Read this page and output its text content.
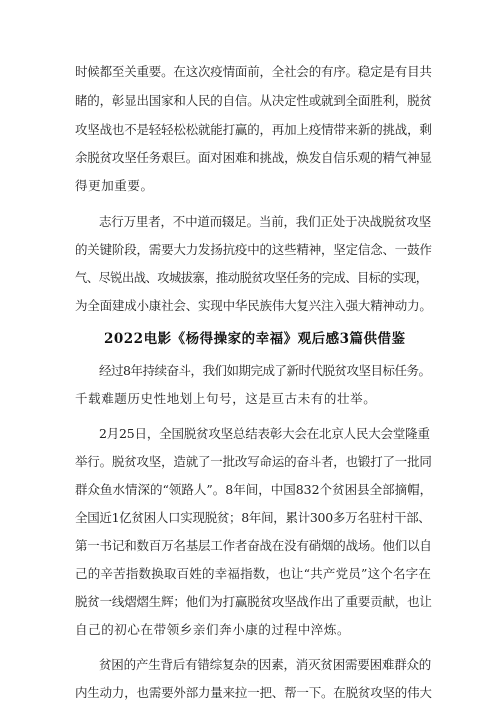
时候都至关重要。在这次疫情面前，全社会的有序。稳定是有目共
睹的，彰显出国家和人民的自信。从决定性或就到全面胜利，脱贫
攻坚战也不是轻轻松松就能打赢的，再加上疫情带来新的挑战，剩
余脱贫攻坚任务艰巨。面对困难和挑战，焕发自信乐观的精气神显
得更加重要。
志行万里者，不中道而辍足。当前，我们正处于决战脱贫攻坚
的关键阶段，需要大力发扬抗疫中的这些精神，坚定信念、一鼓作
气、尽锐出战、攻城拔寨，推动脱贫攻坚任务的完成、目标的实现，
为全面建成小康社会、实现中华民族伟大复兴注入强大精神动力。
2022电影《杨得操家的幸福》观后感3篇供借鉴
经过8年持续奋斗，我们如期完成了新时代脱贫攻坚目标任务。
千载难题历史性地划上句号，这是亘古未有的壮举。
2月25日，全国脱贫攻坚总结表彰大会在北京人民大会堂隆重
举行。脱贫攻坚，造就了一批改写命运的奋斗者，也锻打了一批同
群众鱼水情深的“领路人”。8年间，中国832个贫困县全部摘帽，
全国近1亿贫困人口实现脱贫；8年间，累计300多万名驻村干部、
第一书记和数百万名基层工作者奋战在没有硝烟的战场。他们以自
己的辛苦指数换取百姓的幸福指数，也让“共产党员”这个名字在
脱贫一线熠熠生辉；他们为打赢脱贫攻坚战作出了重要贡献，也让
自己的初心在带领乡亲们奔小康的过程中淬炼。
贫困的产生背后有错综复杂的因素，消灭贫困需要困难群众的
内生动力，也需要外部力量来拉一把、帮一下。在脱贫攻坚的伟大
